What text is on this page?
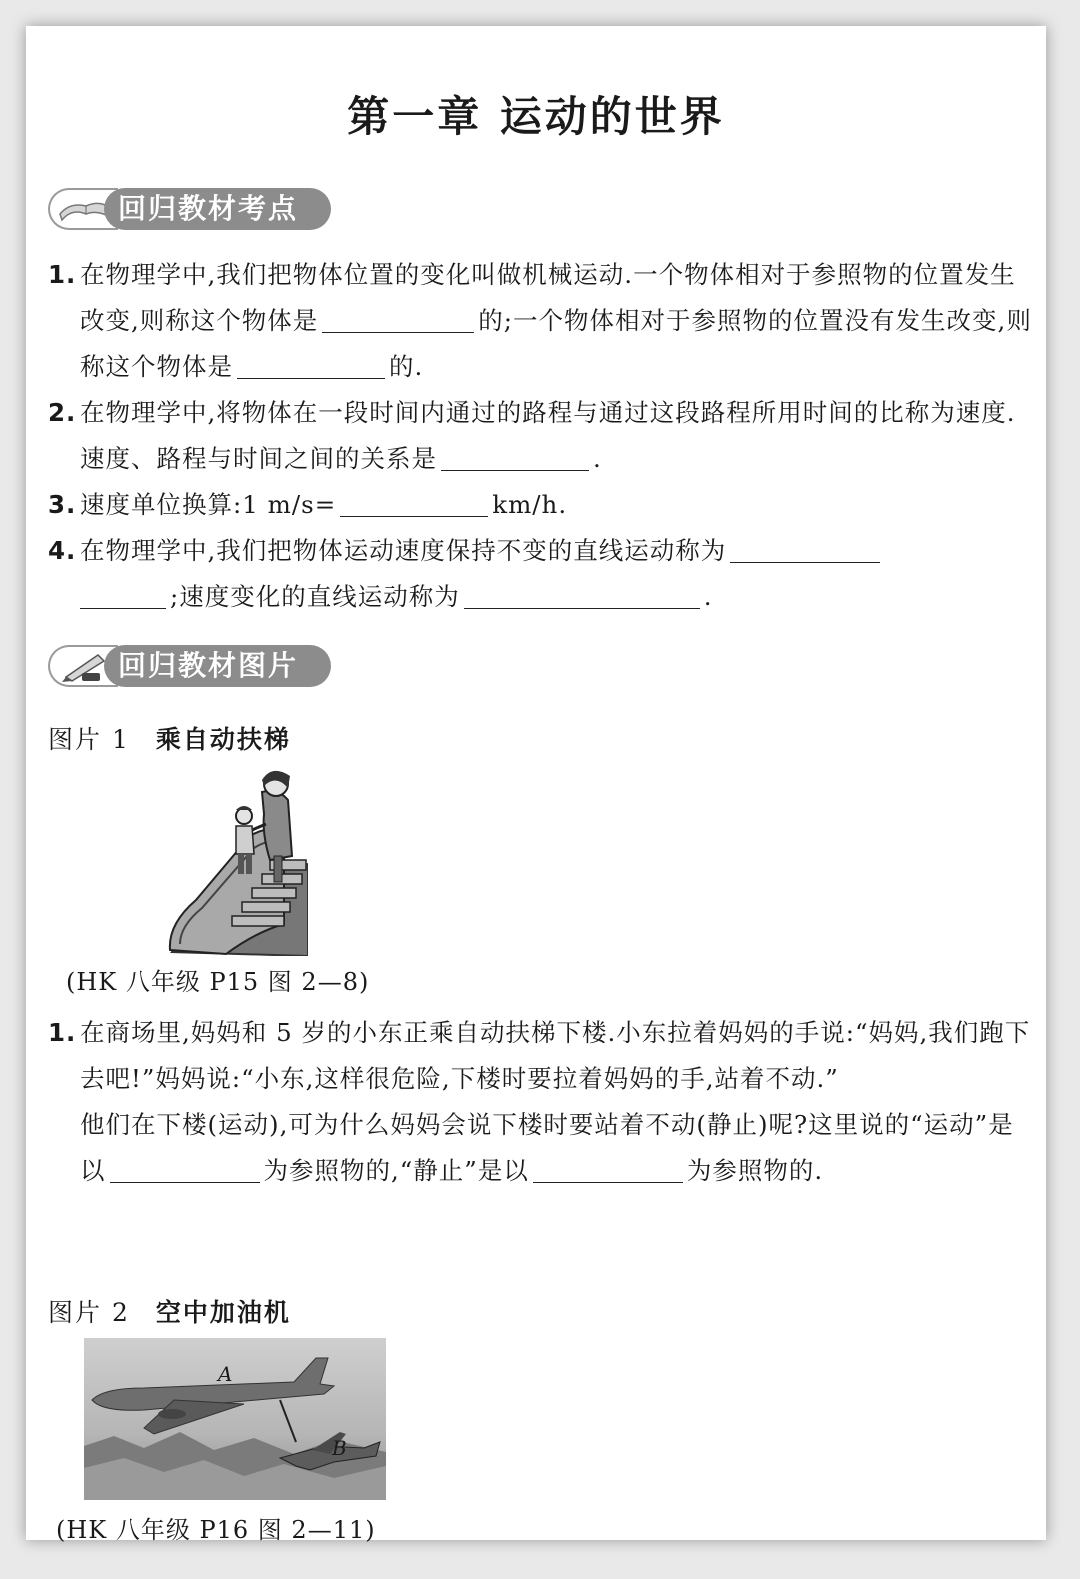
第一章 运动的世界
回归教材考点
1. 在物理学中,我们把物体位置的变化叫做机械运动.一个物体相对于参照物的位置发生改变,则称这个物体是	的;一个物体相对于参照物的位置没有发生改变,则称这个物体是	的.
2. 在物理学中,将物体在一段时间内通过的路程与通过这段路程所用时间的比称为速度.速度、路程与时间之间的关系是	.
3. 速度单位换算:1 m/s=	km/h.
4. 在物理学中,我们把物体运动速度保持不变的直线运动称为
;速度变化的直线运动称为	.
回归教材图片
图片 1 乘自动扶梯
(HK 八年级 P15 图 2—8)
1. 在商场里,妈妈和 5 岁的小东正乘自动扶梯下楼.小东拉着妈妈的手说:“妈妈,我们跑下去吧!”妈妈说:“小东,这样很危险,下楼时要拉着妈妈的手,站着不动.”
他们在下楼(运动),可为什么妈妈会说下楼时要站着不动(静止)呢?这里说的“运动”是以	为参照物的,“静止”是以	为参照物的.
图片 2 空中加油机
A
B
(HK 八年级 P16 图 2—11)
